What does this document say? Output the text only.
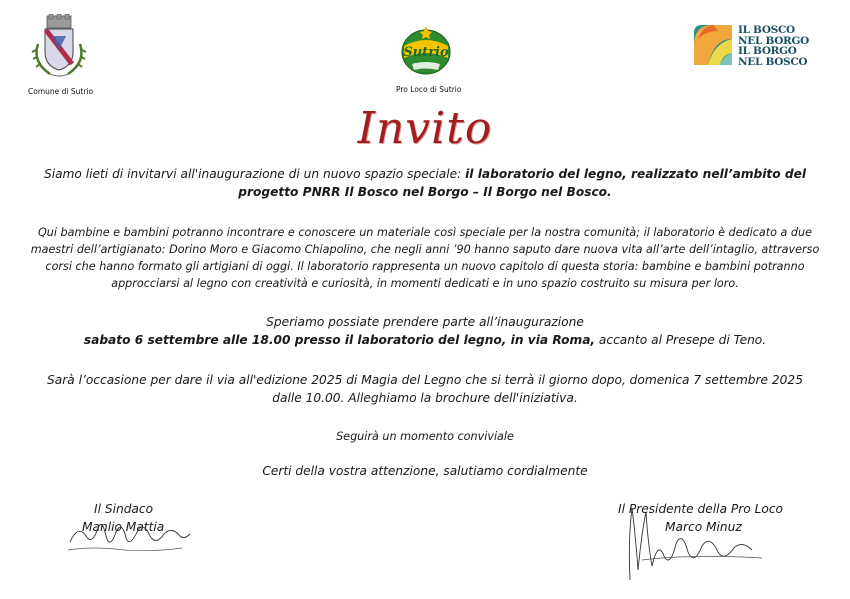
Comune di Sutrio
Sutrio
Pro Loco di Sutrio
IL BOSCO
NEL BORGO
IL BORGO
NEL BOSCO
Invito
Siamo lieti di invitarvi all'inaugurazione di un nuovo spazio speciale: il laboratorio del legno, realizzato nell’ambito del
progetto PNRR Il Bosco nel Borgo – Il Borgo nel Bosco.
Qui bambine e bambini potranno incontrare e conoscere un materiale così speciale per la nostra comunità; il laboratorio è dedicato a due
maestri dell’artigianato: Dorino Moro e Giacomo Chiapolino, che negli anni ’90 hanno saputo dare nuova vita all’arte dell’intaglio, attraverso
corsi che hanno formato gli artigiani di oggi. Il laboratorio rappresenta un nuovo capitolo di questa storia: bambine e bambini potranno
approcciarsi al legno con creatività e curiosità, in momenti dedicati e in uno spazio costruito su misura per loro.
Speriamo possiate prendere parte all’inaugurazione
sabato 6 settembre alle 18.00 presso il laboratorio del legno, in via Roma, accanto al Presepe di Teno.
Sarà l’occasione per dare il via all'edizione 2025 di Magia del Legno che si terrà il giorno dopo, domenica 7 settembre 2025
dalle 10.00. Alleghiamo la brochure dell'iniziativa.
Seguirà un momento conviviale
Certi della vostra attenzione, salutiamo cordialmente
Il Sindaco
Manlio Mattia
Il Presidente della Pro Loco
Marco Minuz
